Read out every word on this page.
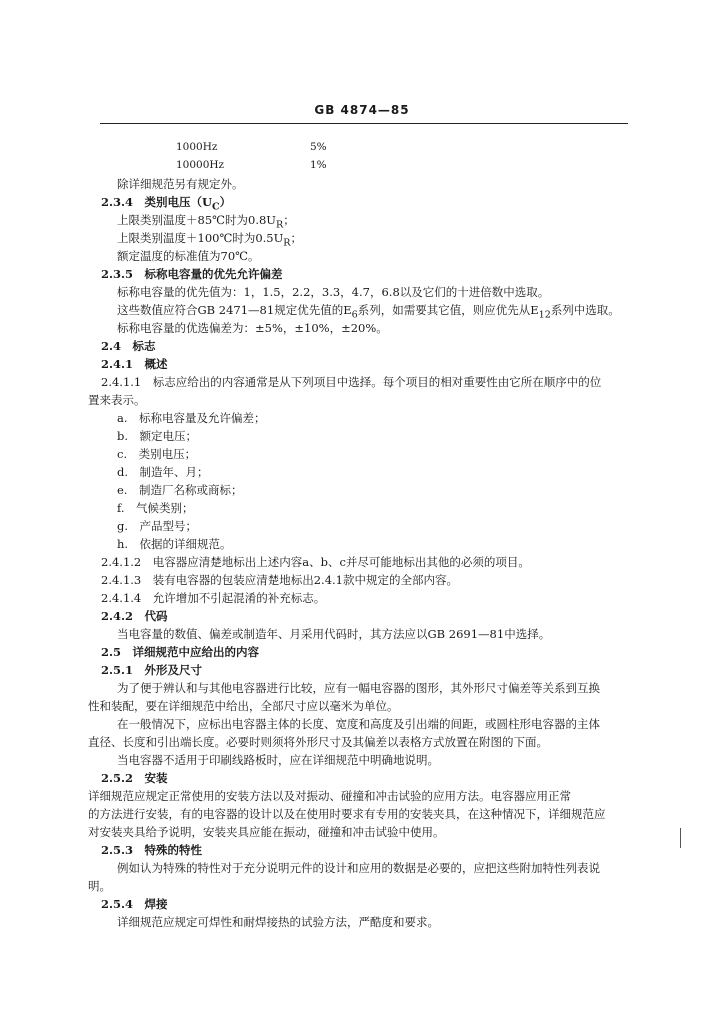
GB 4874—85
1000Hz	5%
10000Hz	1%
除详细规范另有规定外。
2.3.4　类别电压$(U_C)$
上限类别温度＋85℃时为$0.8U_R$；
上限类别温度＋100℃时为$0.5U_R$；
额定温度的标准值为70℃。
2.3.5　标称电容量的优先允许偏差
标称电容量的优先值为：1，1.5，2.2，3.3，4.7，6.8以及它们的十进倍数中选取。
这些数值应符合GB 2471—81规定优先值的$E_6$系列，如需要其它值，则应优先从$E_{12}$系列中选取。
标称电容量的优选偏差为：±5%，±10%，±20%。
2.4　标志
2.4.1　概述
2.4.1.1　标志应给出的内容通常是从下列项目中选择。每个项目的相对重要性由它所在顺序中的位
置来表示。
a.　标称电容量及允许偏差；
b.　额定电压；
c.　类别电压；
d.　制造年、月；
e.　制造厂名称或商标；
f.　气候类别；
g.　产品型号；
h.　依据的详细规范。
2.4.1.2　电容器应清楚地标出上述内容a、b、c并尽可能地标出其他的必须的项目。
2.4.1.3　装有电容器的包装应清楚地标出2.4.1款中规定的全部内容。
2.4.1.4　允许增加不引起混淆的补充标志。
2.4.2　代码
当电容量的数值、偏差或制造年、月采用代码时，其方法应以GB 2691—81中选择。
2.5　详细规范中应给出的内容
2.5.1　外形及尺寸
为了便于辨认和与其他电容器进行比较，应有一幅电容器的图形，其外形尺寸偏差等关系到互换
性和装配，要在详细规范中给出，全部尺寸应以毫米为单位。
在一般情况下，应标出电容器主体的长度、宽度和高度及引出端的间距，或圆柱形电容器的主体
直径、长度和引出端长度。必要时则须将外形尺寸及其偏差以表格方式放置在附图的下面。
当电容器不适用于印刷线路板时，应在详细规范中明确地说明。
2.5.2　安装
详细规范应规定正常使用的安装方法以及对振动、碰撞和冲击试验的应用方法。电容器应用正常
的方法进行安装，有的电容器的设计以及在使用时要求有专用的安装夹具，在这种情况下，详细规范应
对安装夹具给予说明，安装夹具应能在振动，碰撞和冲击试验中使用。
2.5.3　特殊的特性
例如认为特殊的特性对于充分说明元件的设计和应用的数据是必要的，应把这些附加特性列表说
明。
2.5.4　焊接
详细规范应规定可焊性和耐焊接热的试验方法，严酷度和要求。
